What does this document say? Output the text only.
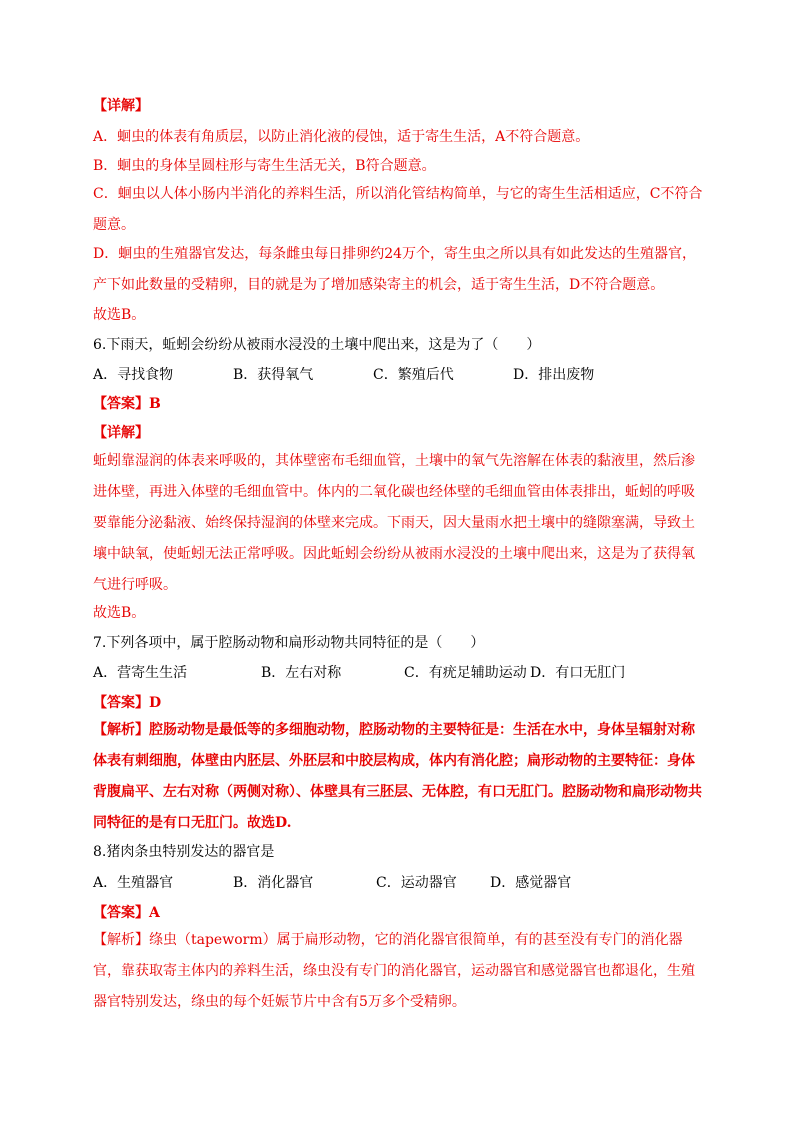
【详解】
A．蛔虫的体表有角质层，以防止消化液的侵蚀，适于寄生生活，A不符合题意。
B．蛔虫的身体呈圆柱形与寄生生活无关，B符合题意。
C．蛔虫以人体小肠内半消化的养料生活，所以消化管结构简单，与它的寄生生活相适应，C不符合题意。
D．蛔虫的生殖器官发达，每条雌虫每日排卵约24万个，寄生虫之所以具有如此发达的生殖器官，产下如此数量的受精卵，目的就是为了增加感染寄主的机会，适于寄生生活，D不符合题意。
故选B。
6.下雨天，蚯蚓会纷纷从被雨水浸没的土壤中爬出来，这是为了（　　）
A．寻找食物	B．获得氧气	C．繁殖后代	D．排出废物
【答案】B
【详解】
蚯蚓靠湿润的体表来呼吸的，其体壁密布毛细血管，土壤中的氧气先溶解在体表的黏液里，然后渗进体壁，再进入体壁的毛细血管中。体内的二氧化碳也经体壁的毛细血管由体表排出，蚯蚓的呼吸要靠能分泌黏液、始终保持湿润的体壁来完成。下雨天，因大量雨水把土壤中的缝隙塞满，导致土壤中缺氧，使蚯蚓无法正常呼吸。因此蚯蚓会纷纷从被雨水浸没的土壤中爬出来，这是为了获得氧气进行呼吸。
故选B。
7.下列各项中，属于腔肠动物和扁形动物共同特征的是（　　）
A．营寄生生活	B．左右对称	C．有疣足辅助运动 D．有口无肛门
【答案】D
【解析】腔肠动物是最低等的多细胞动物，腔肠动物的主要特征是：生活在水中，身体呈辐射对称体表有刺细胞，体壁由内胚层、外胚层和中胶层构成，体内有消化腔；扁形动物的主要特征：身体背腹扁平、左右对称（两侧对称）、体壁具有三胚层、无体腔，有口无肛门。腔肠动物和扁形动物共同特征的是有口无肛门。故选D.
8.猪肉条虫特别发达的器官是
A．生殖器官	B．消化器官	C．运动器官 D．感觉器官
【答案】A
【解析】绦虫（tapeworm）属于扁形动物，它的消化器官很简单，有的甚至没有专门的消化器官，靠获取寄主体内的养料生活，绦虫没有专门的消化器官，运动器官和感觉器官也都退化，生殖器官特别发达，绦虫的每个妊娠节片中含有5万多个受精卵。
